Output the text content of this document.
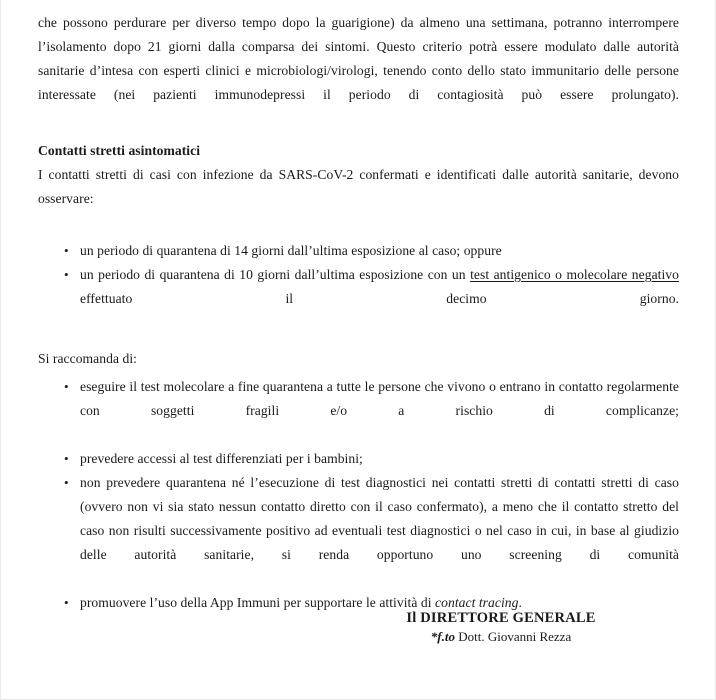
che possono perdurare per diverso tempo dopo la guarigione) da almeno una settimana, potranno interrompere l’isolamento dopo 21 giorni dalla comparsa dei sintomi. Questo criterio potrà essere modulato dalle autorità sanitarie d’intesa con esperti clinici e microbiologi/virologi, tenendo conto dello stato immunitario delle persone interessate (nei pazienti immunodepressi il periodo di contagiosità può essere prolungato).

Contatti stretti asintomatici

I contatti stretti di casi con infezione da SARS-CoV-2 confermati e identificati dalle autorità sanitarie, devono osservare:

• un periodo di quarantena di 14 giorni dall’ultima esposizione al caso; oppure
• un periodo di quarantena di 10 giorni dall’ultima esposizione con un test antigenico o molecolare negativo effettuato il decimo giorno.

Si raccomanda di:

• eseguire il test molecolare a fine quarantena a tutte le persone che vivono o entrano in contatto regolarmente con soggetti fragili e/o a rischio di complicanze;
• prevedere accessi al test differenziati per i bambini;
• non prevedere quarantena né l’esecuzione di test diagnostici nei contatti stretti di contatti stretti di caso (ovvero non vi sia stato nessun contatto diretto con il caso confermato), a meno che il contatto stretto del caso non risulti successivamente positivo ad eventuali test diagnostici o nel caso in cui, in base al giudizio delle autorità sanitarie, si renda opportuno uno screening di comunità
• promuovere l’uso della App Immuni per supportare le attività di contact tracing.
Il DIRETTORE GENERALE
*f.to Dott. Giovanni Rezza
